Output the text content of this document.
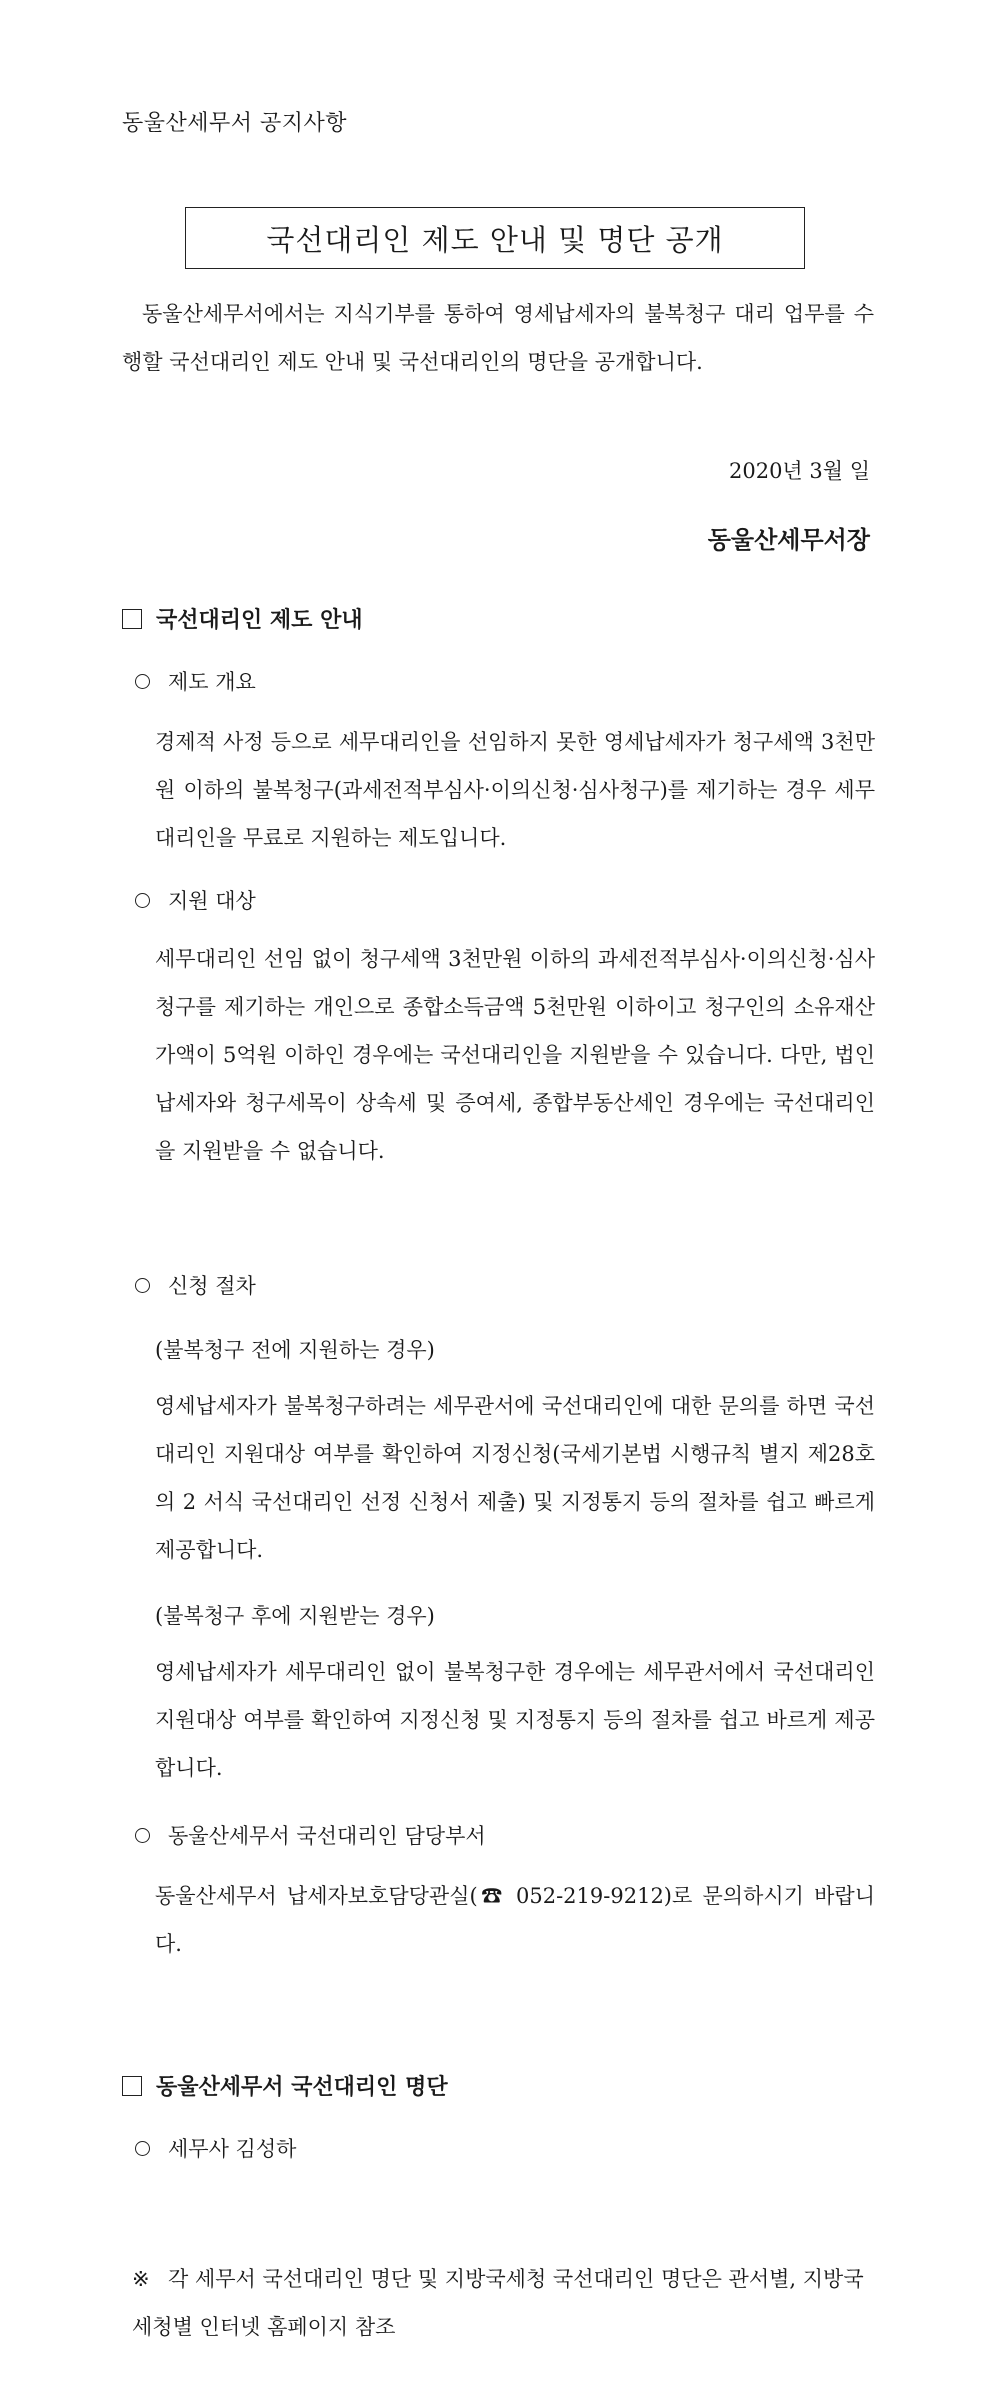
동울산세무서 공지사항
국선대리인 제도 안내 및 명단 공개
동울산세무서에서는 지식기부를 통하여 영세납세자의 불복청구 대리 업무를 수행할 국선대리인 제도 안내 및 국선대리인의 명단을 공개합니다.
2020년 3월 일
동울산세무서장
국선대리인 제도 안내
제도 개요
경제적 사정 등으로 세무대리인을 선임하지 못한 영세납세자가 청구세액 3천만원 이하의 불복청구(과세전적부심사·이의신청·심사청구)를 제기하는 경우 세무대리인을 무료로 지원하는 제도입니다.
지원 대상
세무대리인 선임 없이 청구세액 3천만원 이하의 과세전적부심사·이의신청·심사청구를 제기하는 개인으로 종합소득금액 5천만원 이하이고 청구인의 소유재산가액이 5억원 이하인 경우에는 국선대리인을 지원받을 수 있습니다. 다만, 법인납세자와 청구세목이 상속세 및 증여세, 종합부동산세인 경우에는 국선대리인을 지원받을 수 없습니다.
신청 절차
(불복청구 전에 지원하는 경우)
영세납세자가 불복청구하려는 세무관서에 국선대리인에 대한 문의를 하면 국선대리인 지원대상 여부를 확인하여 지정신청(국세기본법 시행규칙 별지 제28호의 2 서식 국선대리인 선정 신청서 제출) 및 지정통지 등의 절차를 쉽고 빠르게 제공합니다.
(불복청구 후에 지원받는 경우)
영세납세자가 세무대리인 없이 불복청구한 경우에는 세무관서에서 국선대리인 지원대상 여부를 확인하여 지정신청 및 지정통지 등의 절차를 쉽고 바르게 제공합니다.
동울산세무서 국선대리인 담당부서
동울산세무서 납세자보호담당관실(☎ 052-219-9212)로 문의하시기 바랍니다.
동울산세무서 국선대리인 명단
세무사 김성하
※ 각 세무서 국선대리인 명단 및 지방국세청 국선대리인 명단은 관서별, 지방국세청별 인터넷 홈페이지 참조
